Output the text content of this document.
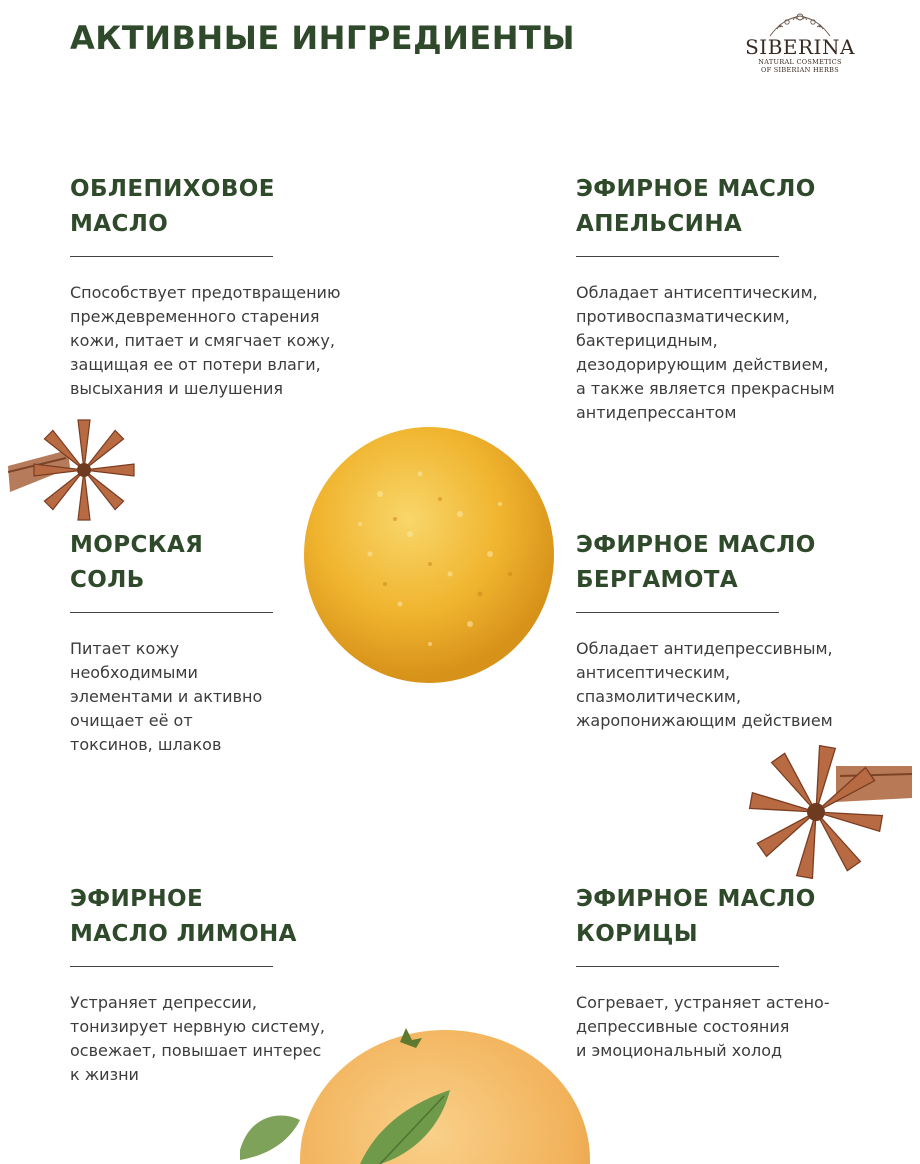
АКТИВНЫЕ ИНГРЕДИЕНТЫ	SIBERINA
NATURAL COSMETICS
OF SIBERIAN HERBS
ОБЛЕПИХОВОЕ
МАСЛО

Способствует предотвращению
преждевременного старения
кожи, питает и смягчает кожу,
защищая ее от потери влаги,
высыхания и шелушения

ЭФИРНОЕ МАСЛО
АПЕЛЬСИНА

Обладает антисептическим,
противоспазматическим,
бактерицидным,
дезодорирующим действием,
а также является прекрасным
антидепрессантом

МОРСКАЯ
СОЛЬ

Питает кожу
необходимыми
элементами и активно
очищает её от
токсинов, шлаков

ЭФИРНОЕ МАСЛО
БЕРГАМОТА

Обладает антидепрессивным,
антисептическим,
спазмолитическим,
жаропонижающим действием

ЭФИРНОЕ
МАСЛО ЛИМОНА

Устраняет депрессии,
тонизирует нервную систему,
освежает, повышает интерес
к жизни

ЭФИРНОЕ МАСЛО
КОРИЦЫ

Согревает, устраняет астено-
депрессивные состояния
и эмоциональный холод
